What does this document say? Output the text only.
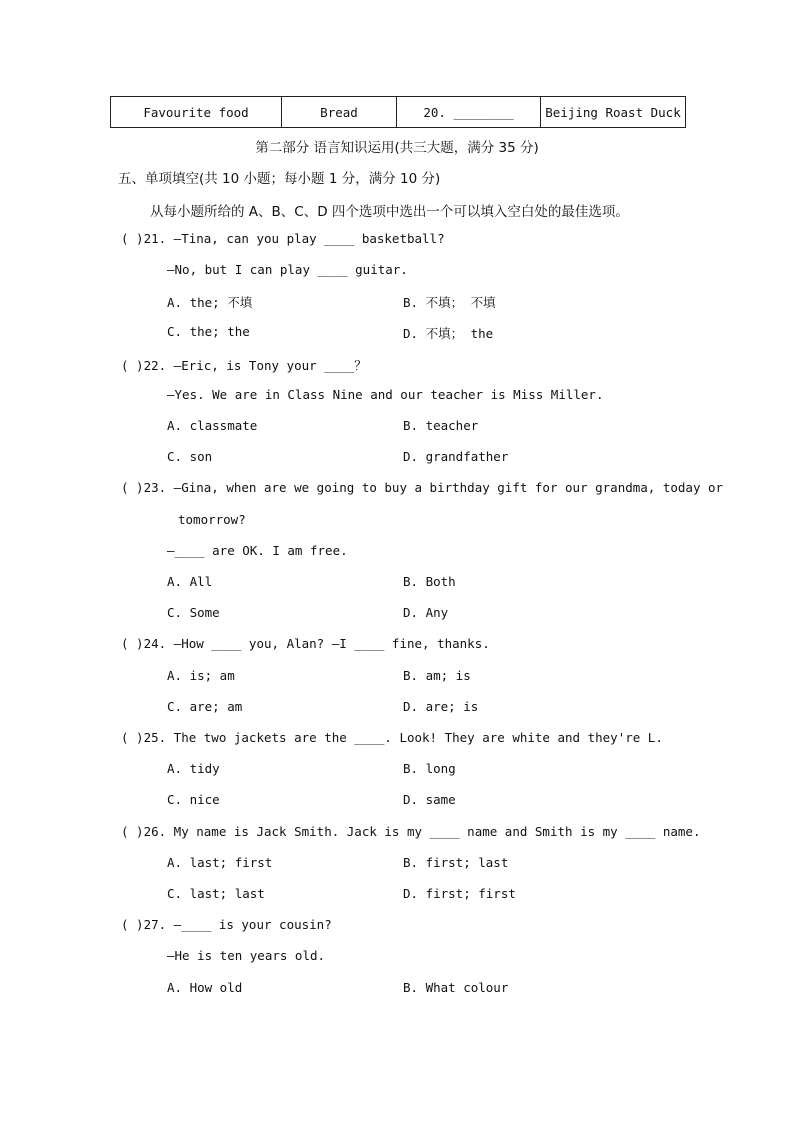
Favourite food	Bread	20. ________	Beijing Roast Duck
第二部分 语言知识运用(共三大题，满分 35 分)
五、单项填空(共 10 小题；每小题 1 分，满分 10 分)
从每小题所给的 A、B、C、D 四个选项中选出一个可以填入空白处的最佳选项。
( )21. —Tina, can you play ____ basketball?
—No, but I can play ____ guitar.
A. the; 不填	B. 不填； 不填
C. the; the	D. 不填； the
( )22. —Eric, is Tony your ____？
—Yes. We are in Class Nine and our teacher is Miss Miller.
A. classmate	B. teacher
C. son	D. grandfather
( )23. —Gina, when are we going to buy a birthday gift for our grandma, today or
tomorrow?
—____ are OK. I am free.
A. All	B. Both
C. Some	D. Any
( )24. —How ____ you, Alan? —I ____ fine, thanks.
A. is; am	B. am; is
C. are; am	D. are; is
( )25. The two jackets are the ____. Look! They are white and they're L.
A. tidy	B. long
C. nice	D. same
( )26. My name is Jack Smith. Jack is my ____ name and Smith is my ____ name.
A. last; first	B. first; last
C. last; last	D. first; first
( )27. —____ is your cousin?
—He is ten years old.
A. How old	B. What colour
